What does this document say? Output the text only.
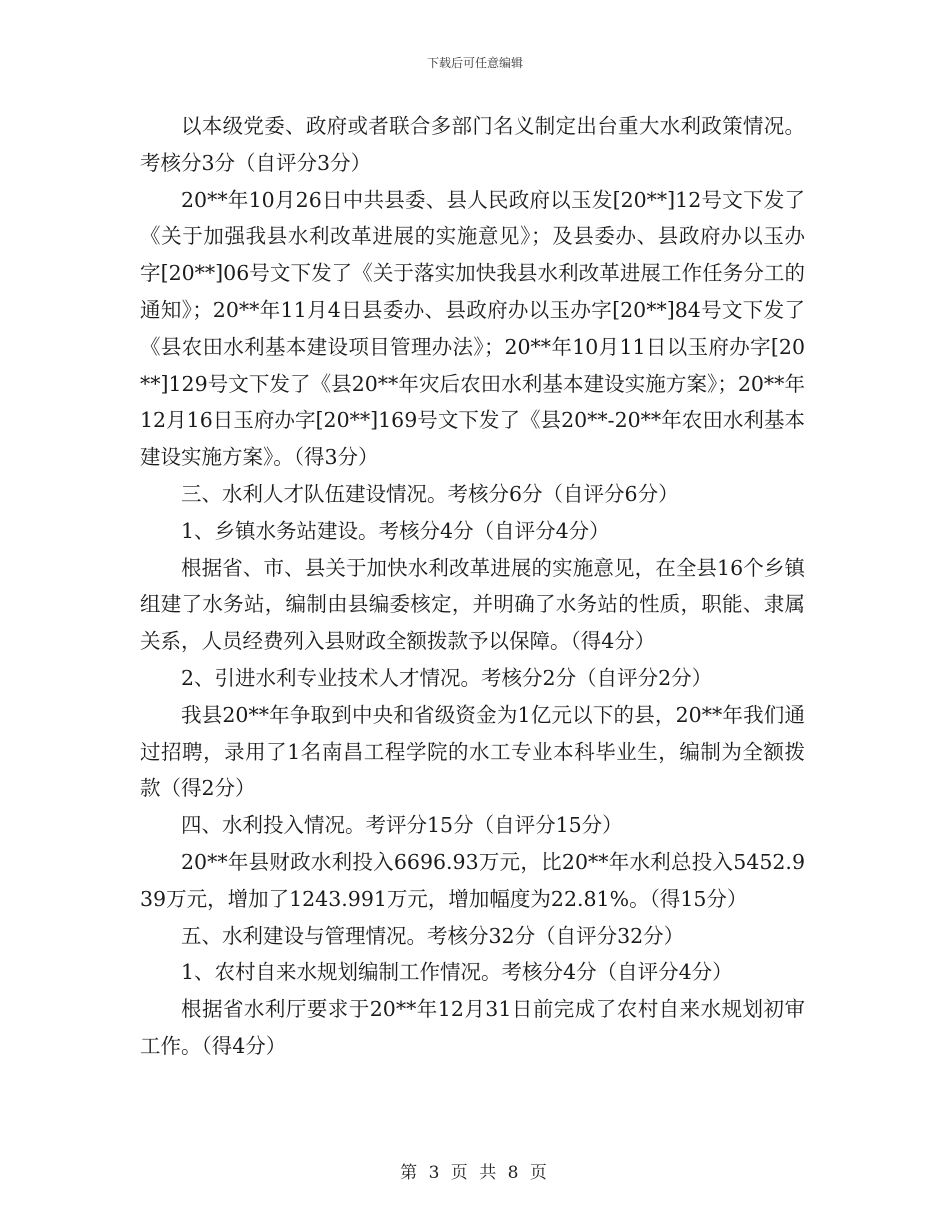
下载后可任意编辑

以本级党委、政府或者联合多部门名义制定出台重大水利政策情况。考核分3分（自评分3分）

20**年10月26日中共县委、县人民政府以玉发[20**]12号文下发了《关于加强我县水利改革进展的实施意见》；及县委办、县政府办以玉办字[20**]06号文下发了《关于落实加快我县水利改革进展工作任务分工的通知》；20**年11月4日县委办、县政府办以玉办字[20**]84号文下发了《县农田水利基本建设项目管理办法》；20**年10月11日以玉府办字[20**]129号文下发了《县20**年灾后农田水利基本建设实施方案》；20**年12月16日玉府办字[20**]169号文下发了《县20**-20**年农田水利基本建设实施方案》。（得3分）

三、水利人才队伍建设情况。考核分6分（自评分6分）

1、乡镇水务站建设。考核分4分（自评分4分）

根据省、市、县关于加快水利改革进展的实施意见，在全县16个乡镇组建了水务站，编制由县编委核定，并明确了水务站的性质，职能、隶属关系，人员经费列入县财政全额拨款予以保障。（得4分）

2、引进水利专业技术人才情况。考核分2分（自评分2分）

我县20**年争取到中央和省级资金为1亿元以下的县，20**年我们通过招聘，录用了1名南昌工程学院的水工专业本科毕业生，编制为全额拨款（得2分）

四、水利投入情况。考评分15分（自评分15分）

20**年县财政水利投入6696.93万元，比20**年水利总投入5452.939万元，增加了1243.991万元，增加幅度为22.81%。（得15分）

五、水利建设与管理情况。考核分32分（自评分32分）

1、农村自来水规划编制工作情况。考核分4分（自评分4分）

根据省水利厅要求于20**年12月31日前完成了农村自来水规划初审工作。（得4分）

第 3 页 共 8 页
